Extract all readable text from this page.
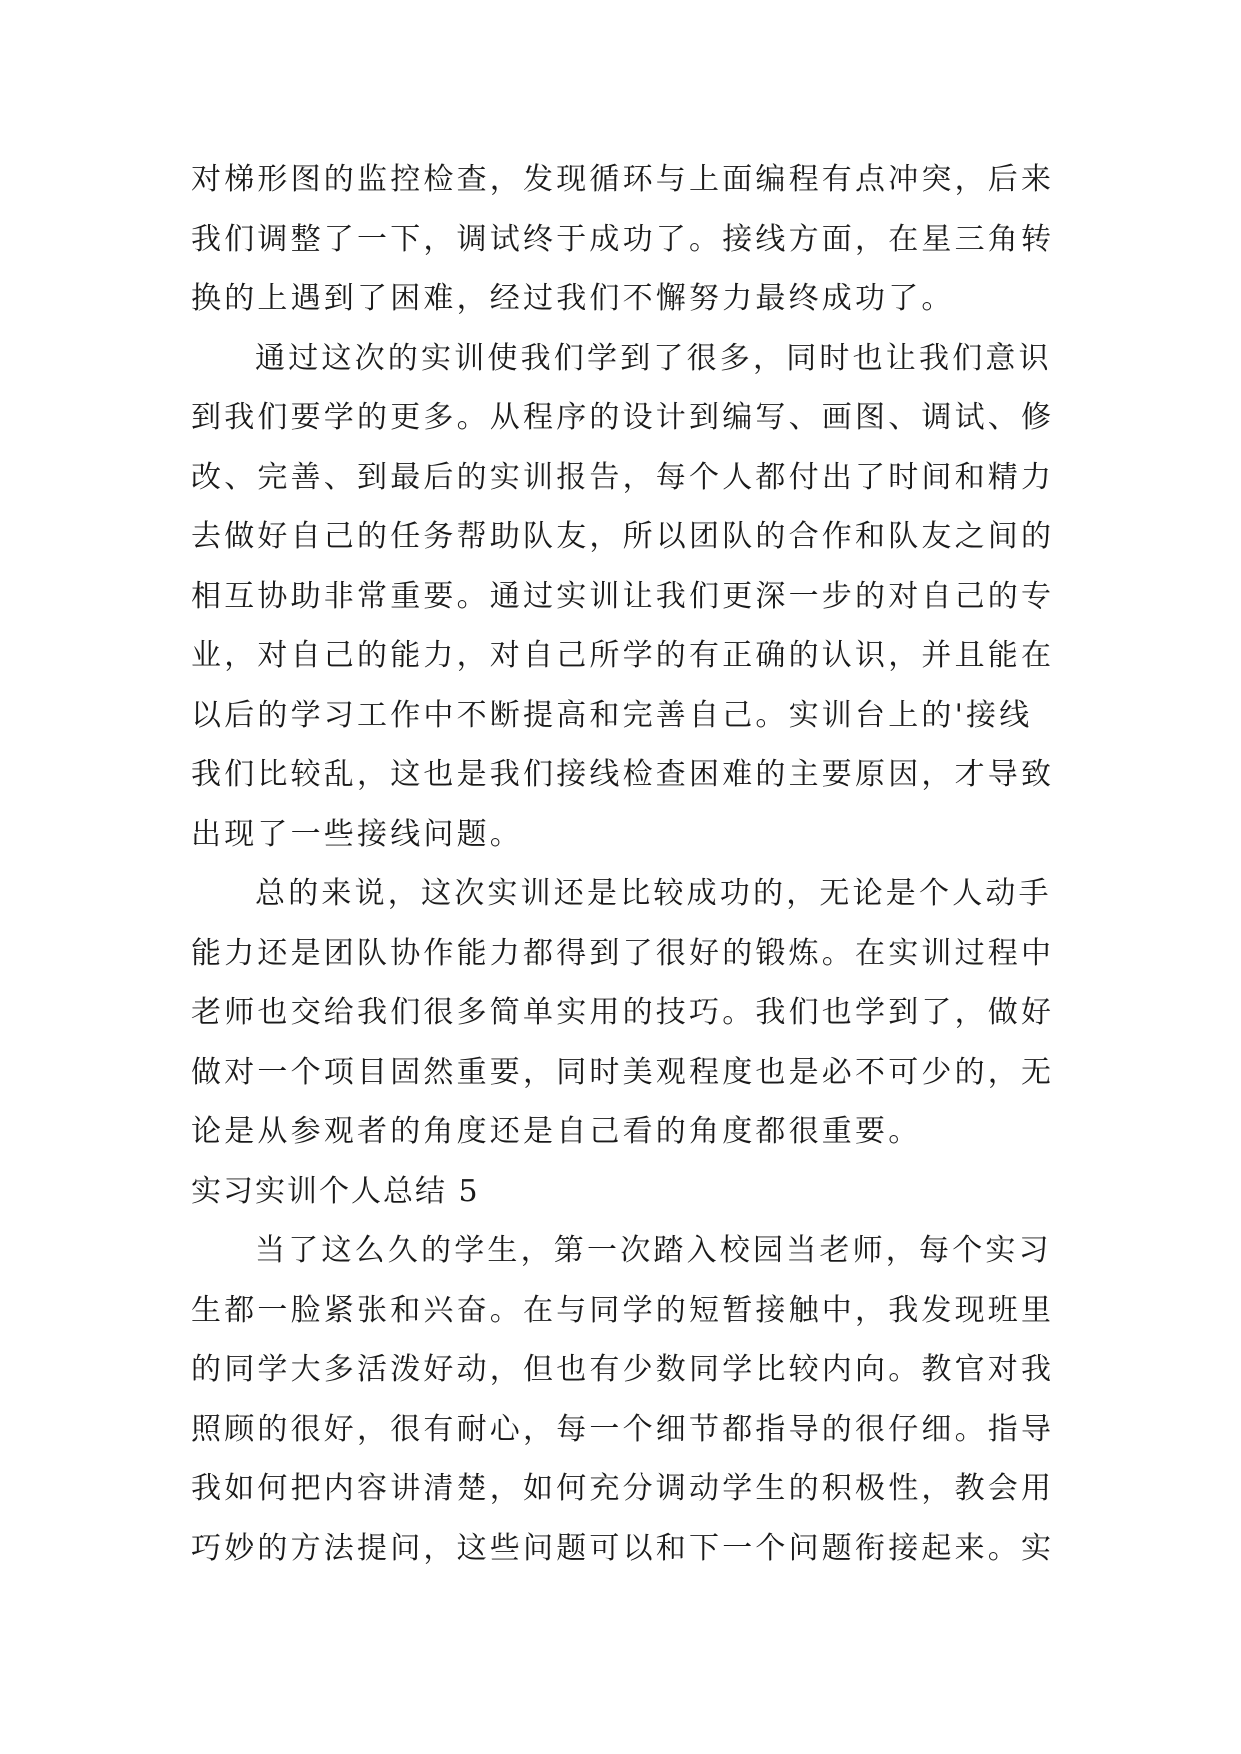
对梯形图的监控检查，发现循环与上面编程有点冲突，后来
我们调整了一下，调试终于成功了。接线方面，在星三角转
换的上遇到了困难，经过我们不懈努力最终成功了。
通过这次的实训使我们学到了很多，同时也让我们意识
到我们要学的更多。从程序的设计到编写、画图、调试、修
改、完善、到最后的实训报告，每个人都付出了时间和精力
去做好自己的任务帮助队友，所以团队的合作和队友之间的
相互协助非常重要。通过实训让我们更深一步的对自己的专
业，对自己的能力，对自己所学的有正确的认识，并且能在
以后的学习工作中不断提高和完善自己。实训台上的'接线
我们比较乱，这也是我们接线检查困难的主要原因，才导致
出现了一些接线问题。
总的来说，这次实训还是比较成功的，无论是个人动手
能力还是团队协作能力都得到了很好的锻炼。在实训过程中
老师也交给我们很多简单实用的技巧。我们也学到了，做好
做对一个项目固然重要，同时美观程度也是必不可少的，无
论是从参观者的角度还是自己看的角度都很重要。
实习实训个人总结 5
当了这么久的学生，第一次踏入校园当老师，每个实习
生都一脸紧张和兴奋。在与同学的短暂接触中，我发现班里
的同学大多活泼好动，但也有少数同学比较内向。教官对我
照顾的很好，很有耐心，每一个细节都指导的很仔细。指导
我如何把内容讲清楚，如何充分调动学生的积极性，教会用
巧妙的方法提问，这些问题可以和下一个问题衔接起来。实
